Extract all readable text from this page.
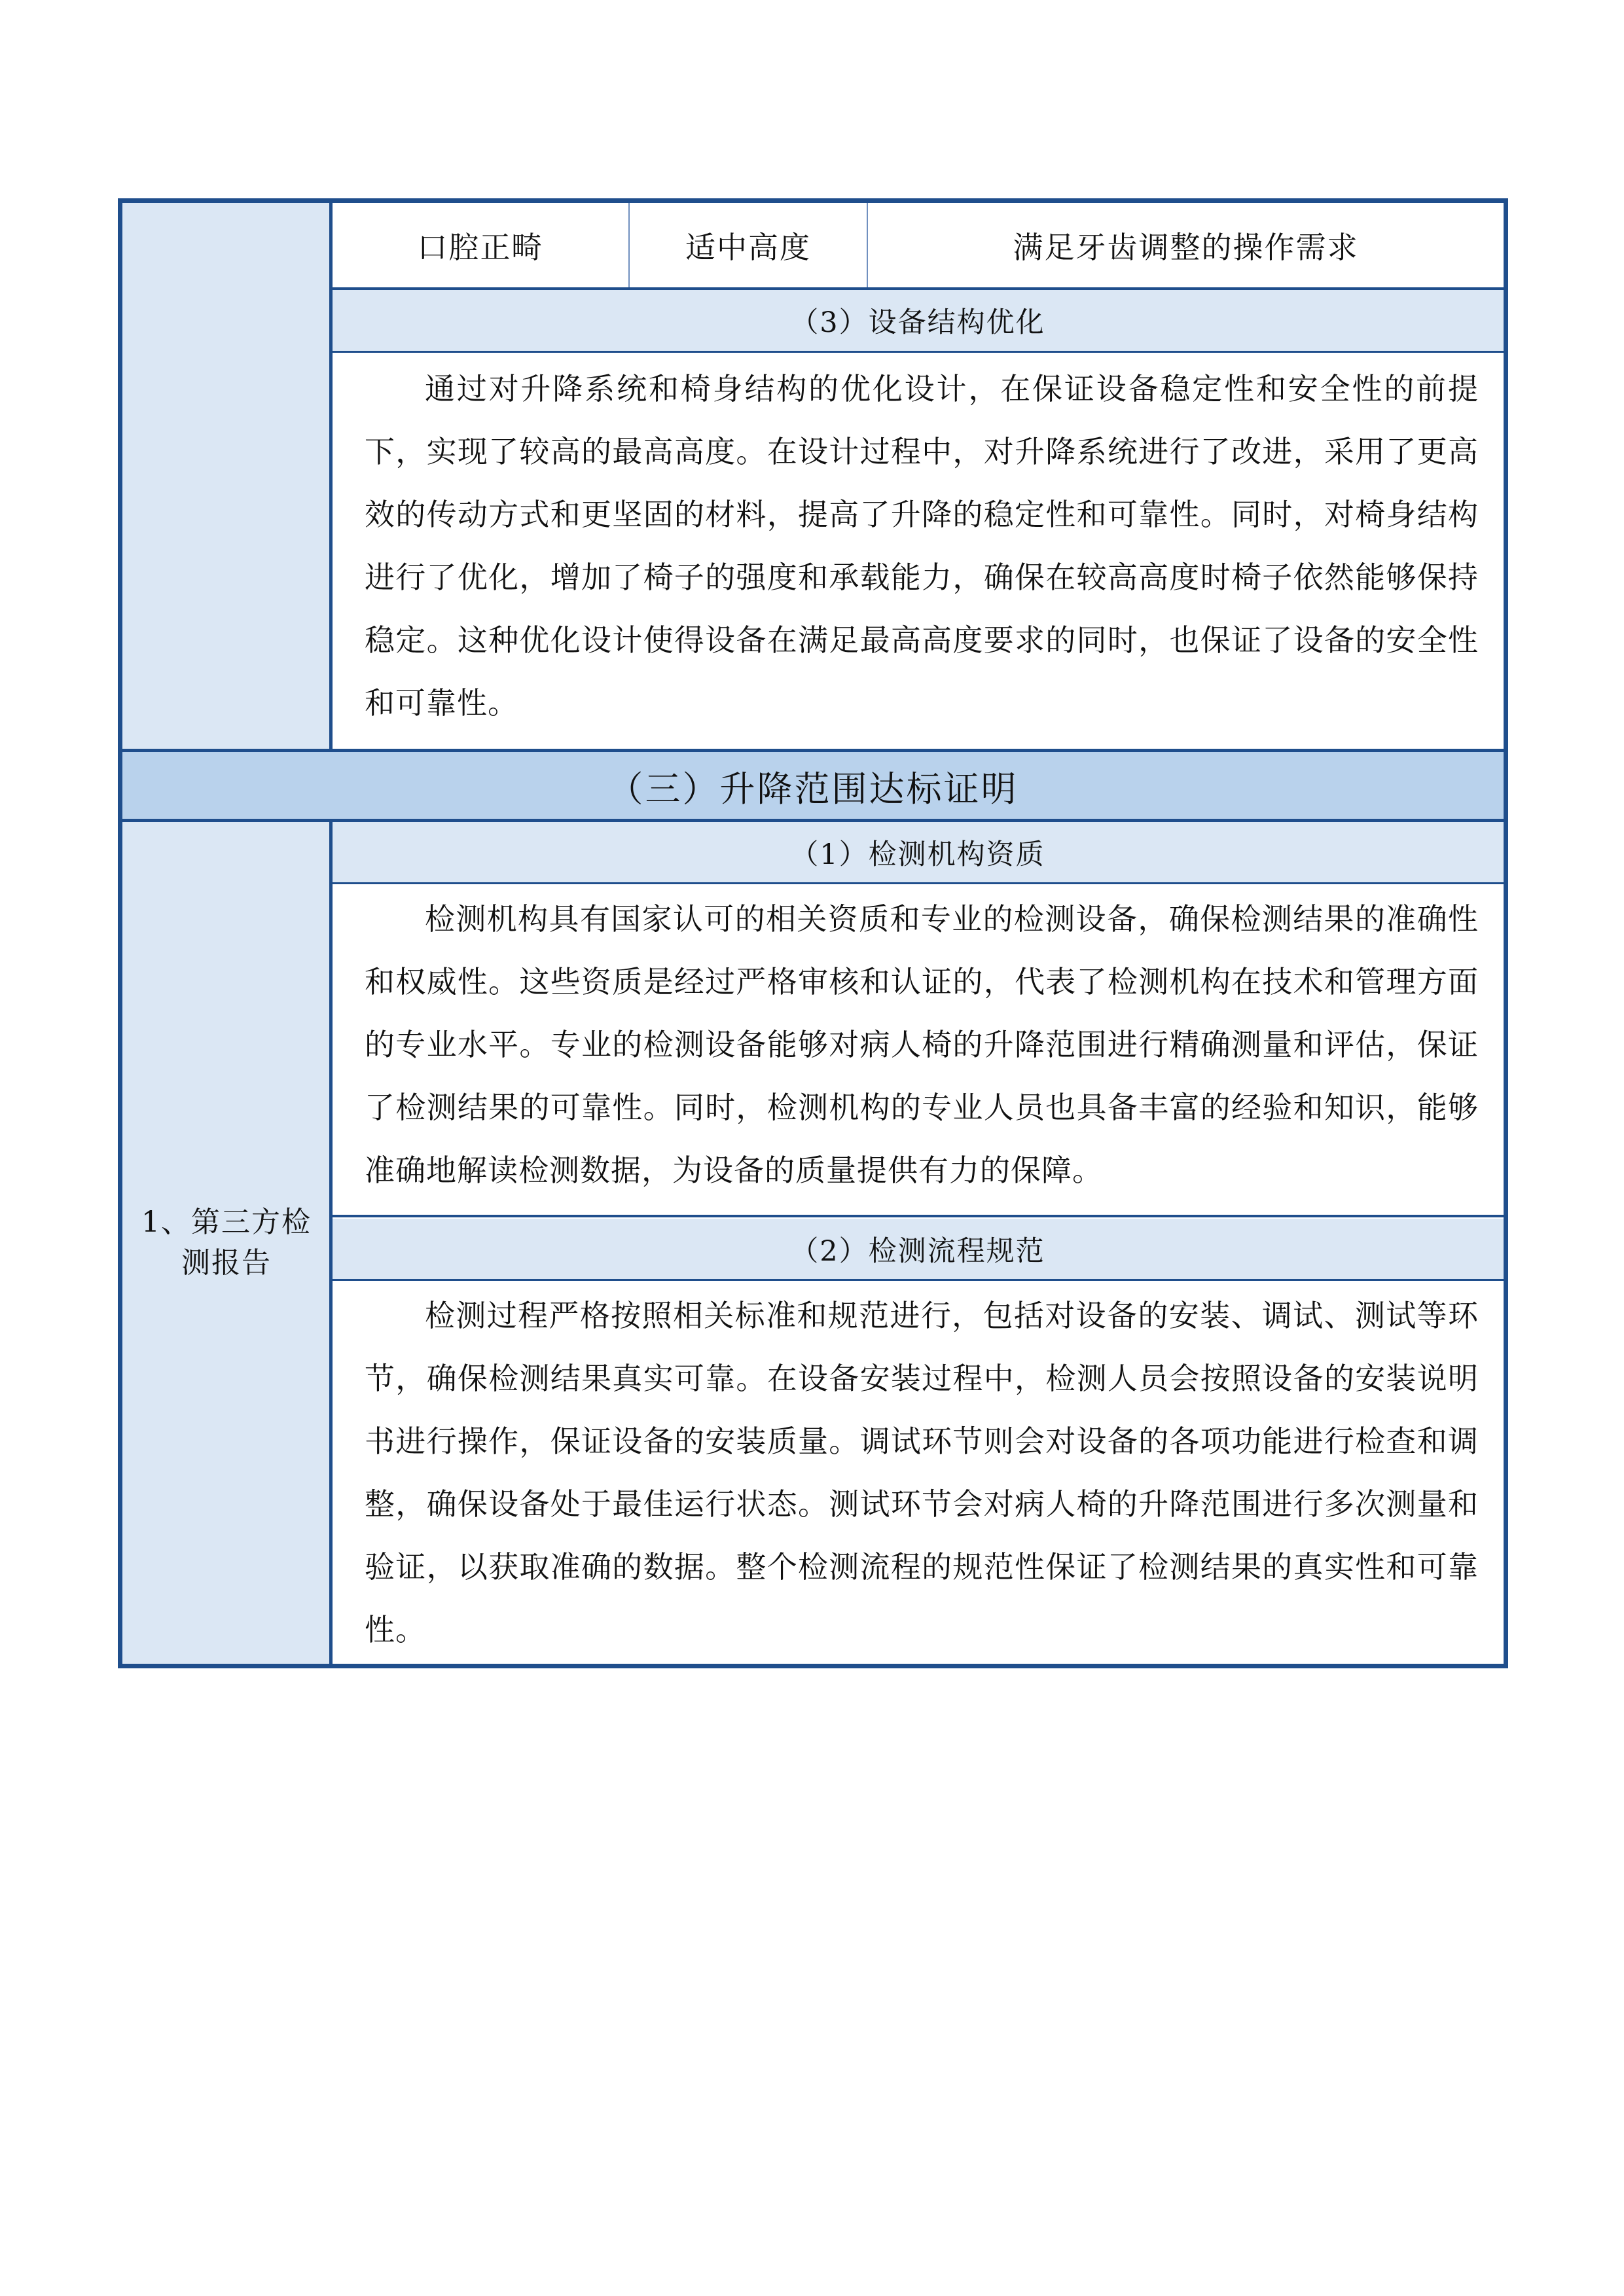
口腔正畸	适中高度	满足牙齿调整的操作需求
（3）设备结构优化
通过对升降系统和椅身结构的优化设计，在保证设备稳定性和安全性的前提下，实现了较高的最高高度。在设计过程中，对升降系统进行了改进，采用了更高效的传动方式和更坚固的材料，提高了升降的稳定性和可靠性。同时，对椅身结构进行了优化，增加了椅子的强度和承载能力，确保在较高高度时椅子依然能够保持稳定。这种优化设计使得设备在满足最高高度要求的同时，也保证了设备的安全性和可靠性。
（三）升降范围达标证明
1、第三方检测报告
（1）检测机构资质
检测机构具有国家认可的相关资质和专业的检测设备，确保检测结果的准确性和权威性。这些资质是经过严格审核和认证的，代表了检测机构在技术和管理方面的专业水平。专业的检测设备能够对病人椅的升降范围进行精确测量和评估，保证了检测结果的可靠性。同时，检测机构的专业人员也具备丰富的经验和知识，能够准确地解读检测数据，为设备的质量提供有力的保障。
（2）检测流程规范
检测过程严格按照相关标准和规范进行，包括对设备的安装、调试、测试等环节，确保检测结果真实可靠。在设备安装过程中，检测人员会按照设备的安装说明书进行操作，保证设备的安装质量。调试环节则会对设备的各项功能进行检查和调整，确保设备处于最佳运行状态。测试环节会对病人椅的升降范围进行多次测量和验证，以获取准确的数据。整个检测流程的规范性保证了检测结果的真实性和可靠性。
